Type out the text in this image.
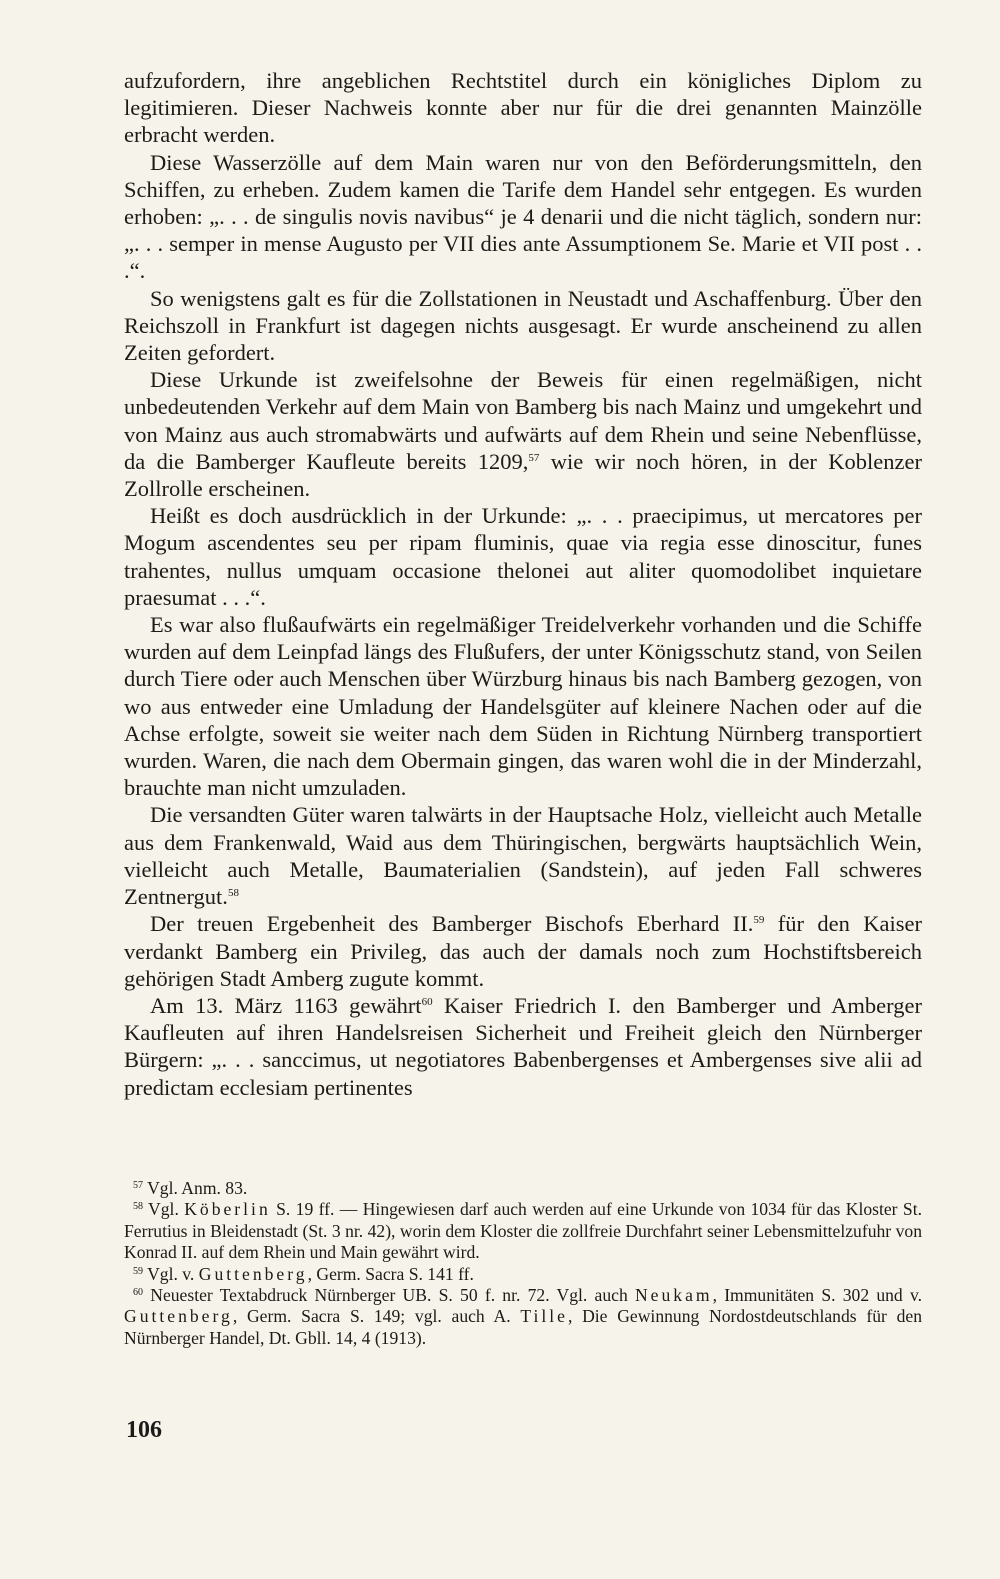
aufzufordern, ihre angeblichen Rechtstitel durch ein königliches Diplom zu legitimieren. Dieser Nachweis konnte aber nur für die drei genannten Mainzölle erbracht werden.

Diese Wasserzölle auf dem Main waren nur von den Beförderungsmitteln, den Schiffen, zu erheben. Zudem kamen die Tarife dem Handel sehr entgegen. Es wurden erhoben: „. . . de singulis novis navibus“ je 4 denarii und die nicht täglich, sondern nur: „. . . semper in mense Augusto per VII dies ante Assumptionem Se. Marie et VII post . . .“.

So wenigstens galt es für die Zollstationen in Neustadt und Aschaffenburg. Über den Reichszoll in Frankfurt ist dagegen nichts ausgesagt. Er wurde anscheinend zu allen Zeiten gefordert.

Diese Urkunde ist zweifelsohne der Beweis für einen regelmäßigen, nicht unbedeutenden Verkehr auf dem Main von Bamberg bis nach Mainz und umgekehrt und von Mainz aus auch stromabwärts und aufwärts auf dem Rhein und seine Nebenflüsse, da die Bamberger Kaufleute bereits 1209,57 wie wir noch hören, in der Koblenzer Zollrolle erscheinen.

Heißt es doch ausdrücklich in der Urkunde: „. . . praecipimus, ut mercatores per Mogum ascendentes seu per ripam fluminis, quae via regia esse dinoscitur, funes trahentes, nullus umquam occasione thelonei aut aliter quomodolibet inquietare praesumat . . .“.

Es war also flußaufwärts ein regelmäßiger Treidelverkehr vorhanden und die Schiffe wurden auf dem Leinpfad längs des Flußufers, der unter Königsschutz stand, von Seilen durch Tiere oder auch Menschen über Würzburg hinaus bis nach Bamberg gezogen, von wo aus entweder eine Umladung der Handelsgüter auf kleinere Nachen oder auf die Achse erfolgte, soweit sie weiter nach dem Süden in Richtung Nürnberg transportiert wurden. Waren, die nach dem Obermain gingen, das waren wohl die in der Minderzahl, brauchte man nicht umzuladen.

Die versandten Güter waren talwärts in der Hauptsache Holz, vielleicht auch Metalle aus dem Frankenwald, Waid aus dem Thüringischen, bergwärts hauptsächlich Wein, vielleicht auch Metalle, Baumaterialien (Sandstein), auf jeden Fall schweres Zentnergut.$^{58}$

Der treuen Ergebenheit des Bamberger Bischofs Eberhard II.$^{59}$ für den Kaiser verdankt Bamberg ein Privileg, das auch der damals noch zum Hochstiftsbereich gehörigen Stadt Amberg zugute kommt.

Am 13. März 1163 gewährt$^{60}$ Kaiser Friedrich I. den Bamberger und Amberger Kaufleuten auf ihren Handelsreisen Sicherheit und Freiheit gleich den Nürnberger Bürgern: „. . . sanccimus, ut negotiatores Babenbergenses et Ambergenses sive alii ad predictam ecclesiam pertinentes

$^{57}$ Vgl. Anm. 83.

$^{58}$ Vgl. Köberlin S. 19 ff. — Hingewiesen darf auch werden auf eine Urkunde von 1034 für das Kloster St. Ferrutius in Bleidenstadt (St. 3 nr. 42), worin dem Kloster die zollfreie Durchfahrt seiner Lebensmittelzufuhr von Konrad II. auf dem Rhein und Main gewährt wird.

$^{59}$ Vgl. v. Guttenberg, Germ. Sacra S. 141 ff.

$^{60}$ Neuester Textabdruck Nürnberger UB. S. 50 f. nr. 72. Vgl. auch Neukam, Immunitäten S. 302 und v. Guttenberg, Germ. Sacra S. 149; vgl. auch A. Tille, Die Gewinnung Nordostdeutschlands für den Nürnberger Handel, Dt. Gbll. 14, 4 (1913).

106
